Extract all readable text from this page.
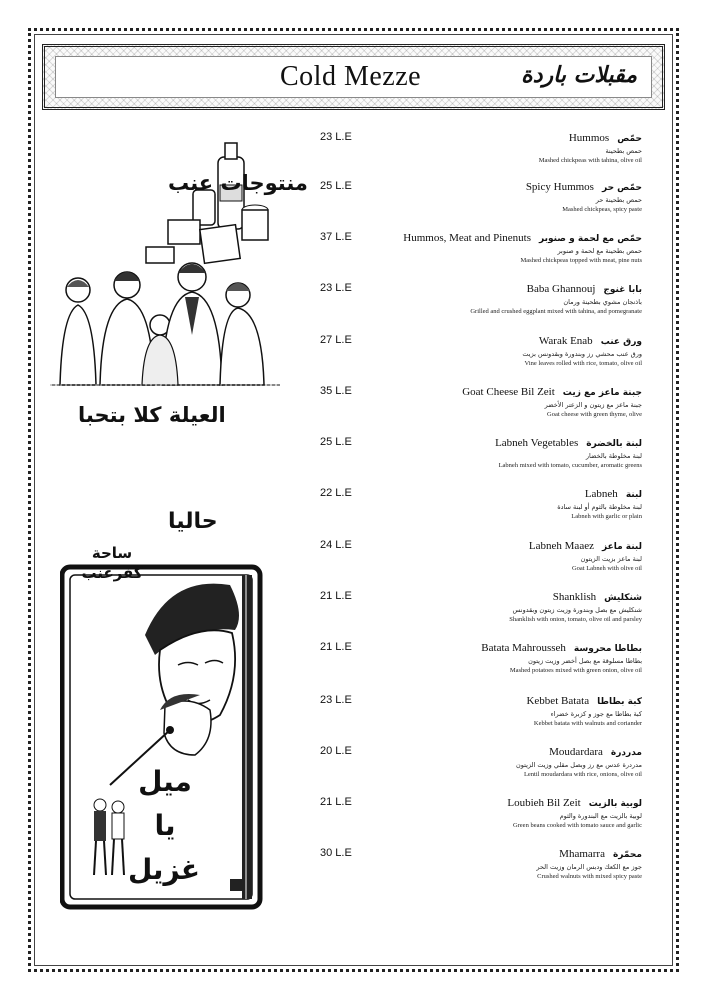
Cold Mezze	مقبلات باردة
منتوجات عنب
العيلة كلا بتحبا
حاليا
ساحة كفرعنب
ميل يا غزيل
23 L.E	Hummos حمّص
حمص بطحينة
Mashed chickpeas with tahina, olive oil
25 L.E	Spicy Hummos حمّص حر
حمص بطحينة حر
Mashed chickpeas, spicy paste
37 L.E	Hummos, Meat and Pinenuts حمّص مع لحمة و صنوبر
حمص بطحينة مع لحمة و صنوبر
Mashed chickpeas topped with meat, pine nuts
23 L.E	Baba Ghannouj بابا غنوج
باذنجان مشوي بطحينة ورمان
Grilled and crushed eggplant mixed with tahina, and pomegranate
27 L.E	Warak Enab ورق عنب
ورق عنب محشي رز وبندورة وبقدونس بزيت
Vine leaves rolled with rice, tomato, olive oil
35 L.E	Goat Cheese Bil Zeit جبنة ماعز مع زيت
جبنة ماعز مع زيتون و الزعتر الأخضر
Goat cheese with green thyme, olive
25 L.E	Labneh Vegetables لبنة بالخضرة
لبنة مخلوطة بالخضار
Labneh mixed with tomato, cucumber, aromatic greens
22 L.E	Labneh لبنة
لبنة مخلوطة بالثوم أو لبنة سادة
Labneh with garlic or plain
24 L.E	Labneh Maaez لبنة ماعز
لبنة ماعز بزيت الزيتون
Goat Labneh with olive oil
21 L.E	Shanklish شنكليش
شنكليش مع بصل وبندورة وزيت زيتون وبقدونس
Shanklish with onion, tomato, olive oil and parsley
21 L.E	Batata Mahrousseh بطاطا محروسة
بطاطا مسلوقة مع بصل أخضر وزيت زيتون
Mashed potatoes mixed with green onion, olive oil
23 L.E	Kebbet Batata كبة بطاطا
كبة بطاطا مع جوز و كزبرة خضراء
Kebbet batata with walnuts and coriander
20 L.E	Moudardara مدردرة
مدردرة عدس مع رز وبصل مقلي وزيت الزيتون
Lentil moudardara with rice, onions, olive oil
21 L.E	Loubieh Bil Zeit لوبية بالزيت
لوبية بالزيت مع البندورة والثوم
Green beans cooked with tomato sauce and garlic
30 L.E	Mhamarra محمّرة
جوز مع الكعك ودبس الرمان وزيت الحر
Crushed walnuts with mixed spicy paste
